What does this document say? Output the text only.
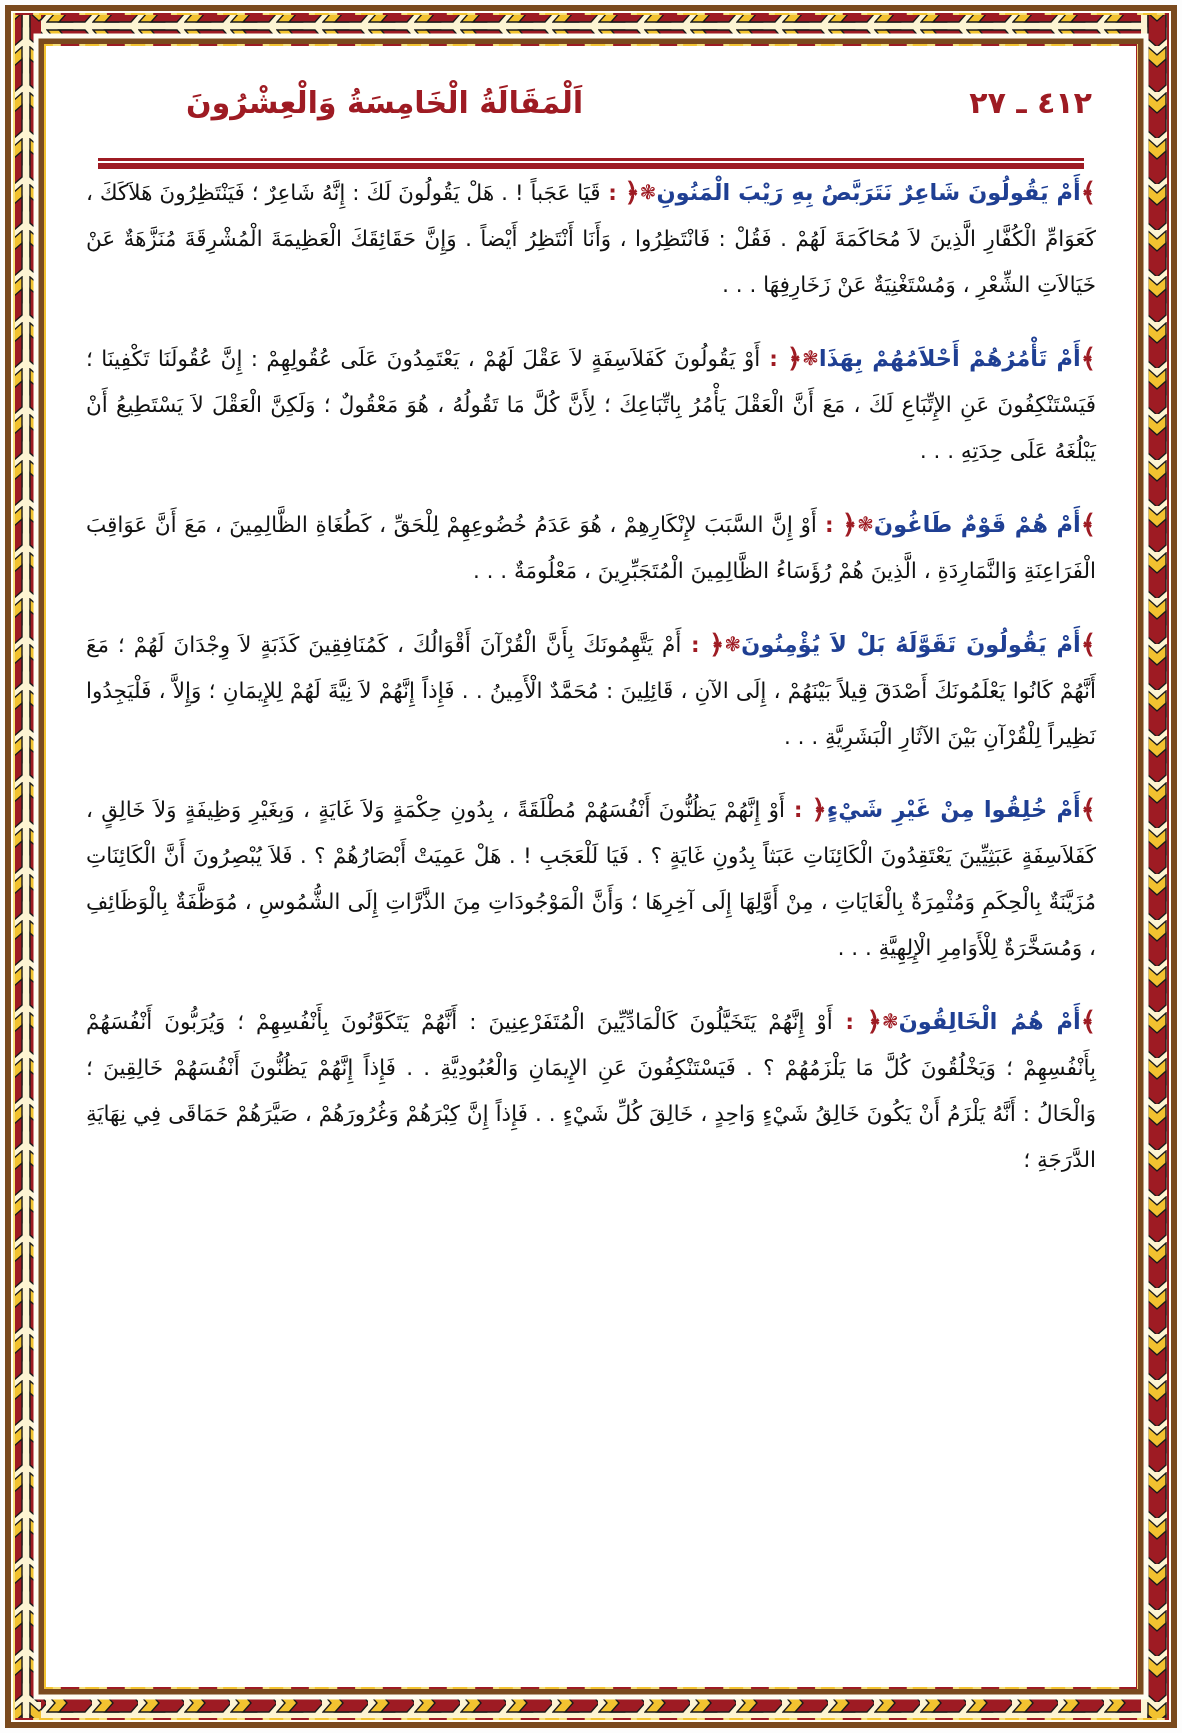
٤١٢ ـ ٢٧
اَلْمَقَالَةُ الْخَامِسَةُ وَالْعِشْرُونَ

﴾أَمْ يَقُولُونَ شَاعِرٌ نَتَرَبَّصُ بِهِ رَيْبَ الْمَنُونِ❃﴿ : قَيَا عَجَباً ! . هَلْ يَقُولُونَ لَكَ : إِنَّهُ شَاعِرٌ ؛ فَيَنْتَظِرُونَ هَلاَكَكَ ، كَعَوَامِّ الْكُفَّارِ الَّذِينَ لاَ مُحَاكَمَةَ لَهُمْ . فَقُلْ : فَانْتَظِرُوا ، وَأَنَا أَنْتَظِرُ أَيْضاً . وَإِنَّ حَقَائِقَكَ الْعَظِيمَةَ الْمُشْرِقَةَ مُنَزَّهَةٌ عَنْ خَيَالاَتِ الشِّعْرِ ، وَمُسْتَغْنِيَةٌ عَنْ زَخَارِفِهَا . . .

﴾أَمْ تَأْمُرُهُمْ أَحْلاَمُهُمْ بِهَذَا❃﴿ : أَوْ يَقُولُونَ كَفَلاَسِفَةٍ لاَ عَقْلَ لَهُمْ ، يَعْتَمِدُونَ عَلَى عُقُولِهِمْ : إِنَّ عُقُولَنَا تَكْفِينَا ؛ فَيَسْتَنْكِفُونَ عَنِ الإِتِّبَاعِ لَكَ ، مَعَ أَنَّ الْعَقْلَ يَأْمُرُ بِاتِّبَاعِكَ ؛ لِأَنَّ كُلَّ مَا تَقُولُهُ ، هُوَ مَعْقُولٌ ؛ وَلَكِنَّ الْعَقْلَ لاَ يَسْتَطِيعُ أَنْ يَبْلُغَهُ عَلَى حِدَتِهِ . . .

﴾أَمْ هُمْ قَوْمٌ طَاغُونَ❃﴿ : أَوْ إِنَّ السَّبَبَ لإِنْكَارِهِمْ ، هُوَ عَدَمُ خُضُوعِهِمْ لِلْحَقِّ ، كَطُغَاةِ الظَّالِمِينَ ، مَعَ أَنَّ عَوَاقِبَ الْفَرَاعِنَةِ وَالنَّمَارِدَةِ ، الَّذِينَ هُمْ رُؤَسَاءُ الظَّالِمِينَ الْمُتَجَبِّرِينَ ، مَعْلُومَةٌ . . .

﴾أَمْ يَقُولُونَ تَقَوَّلَهُ بَلْ لاَ يُؤْمِنُونَ❃﴿ : أَمْ يَتَّهِمُونَكَ بِأَنَّ الْقُرْآنَ أَقْوَالُكَ ، كَمُنَافِقِينَ كَذَبَةٍ لاَ وِجْدَانَ لَهُمْ ؛ مَعَ أَنَّهُمْ كَانُوا يَعْلَمُونَكَ أَصْدَقَ قِيلاً بَيْنَهُمْ ، إِلَى الآنِ ، قَائِلِينَ : مُحَمَّدٌ الْأَمِينُ . . فَإِذاً إِنَّهُمْ لاَ نِيَّةَ لَهُمْ لِلإِيمَانِ ؛ وَإِلاَّ ، فَلْيَجِدُوا نَظِيراً لِلْقُرْآنِ بَيْنَ الآثَارِ الْبَشَرِيَّةِ . . .

﴾أَمْ خُلِقُوا مِنْ غَيْرِ شَيْءٍ﴿ : أَوْ إِنَّهُمْ يَظُنُّونَ أَنْفُسَهُمْ مُطْلَقَةً ، بِدُونِ حِكْمَةٍ وَلاَ غَايَةٍ ، وَبِغَيْرِ وَظِيفَةٍ وَلاَ خَالِقٍ ، كَفَلاَسِفَةٍ عَبَثِيِّينَ يَعْتَقِدُونَ الْكَائِنَاتِ عَبَثاً بِدُونِ غَايَةٍ ؟ . فَيَا لَلْعَجَبِ ! . هَلْ عَمِيَتْ أَبْصَارُهُمْ ؟ . فَلاَ يُبْصِرُونَ أَنَّ الْكَائِنَاتِ مُزَيَّنَةٌ بِالْحِكَمِ وَمُثْمِرَةٌ بِالْغَايَاتِ ، مِنْ أَوَّلِهَا إِلَى آخِرِهَا ؛ وَأَنَّ الْمَوْجُودَاتِ مِنَ الذَّرَّاتِ إِلَى الشُّمُوسِ ، مُوَظَّفَةٌ بِالْوَظَائِفِ ، وَمُسَخَّرَةٌ لِلْأَوَامِرِ الْإِلِهِيَّةِ . . .

﴾أَمْ هُمُ الْخَالِقُونَ❃﴿ : أَوْ إِنَّهُمْ يَتَخَيَّلُونَ كَالْمَادِّيِّينَ الْمُتَفَرْعِنِينَ : أَنَّهُمْ يَتَكَوَّنُونَ بِأَنْفُسِهِمْ ؛ وَيُرَبُّونَ أَنْفُسَهُمْ بِأَنْفُسِهِمْ ؛ وَيَخْلُقُونَ كُلَّ مَا يَلْزَمُهُمْ ؟ . فَيَسْتَنْكِفُونَ عَنِ الإِيمَانِ وَالْعُبُودِيَّةِ . . فَإِذاً إِنَّهُمْ يَظُنُّونَ أَنْفُسَهُمْ خَالِقِينَ ؛ وَالْحَالُ : أَنَّهُ يَلْزَمُ أَنْ يَكُونَ خَالِقُ شَيْءٍ وَاحِدٍ ، خَالِقَ كُلِّ شَيْءٍ . . فَإِذاً إِنَّ كِبْرَهُمْ وَغُرُورَهُمْ ، صَيَّرَهُمْ حَمَاقَى فِي نِهَايَةِ الدَّرَجَةِ ؛
